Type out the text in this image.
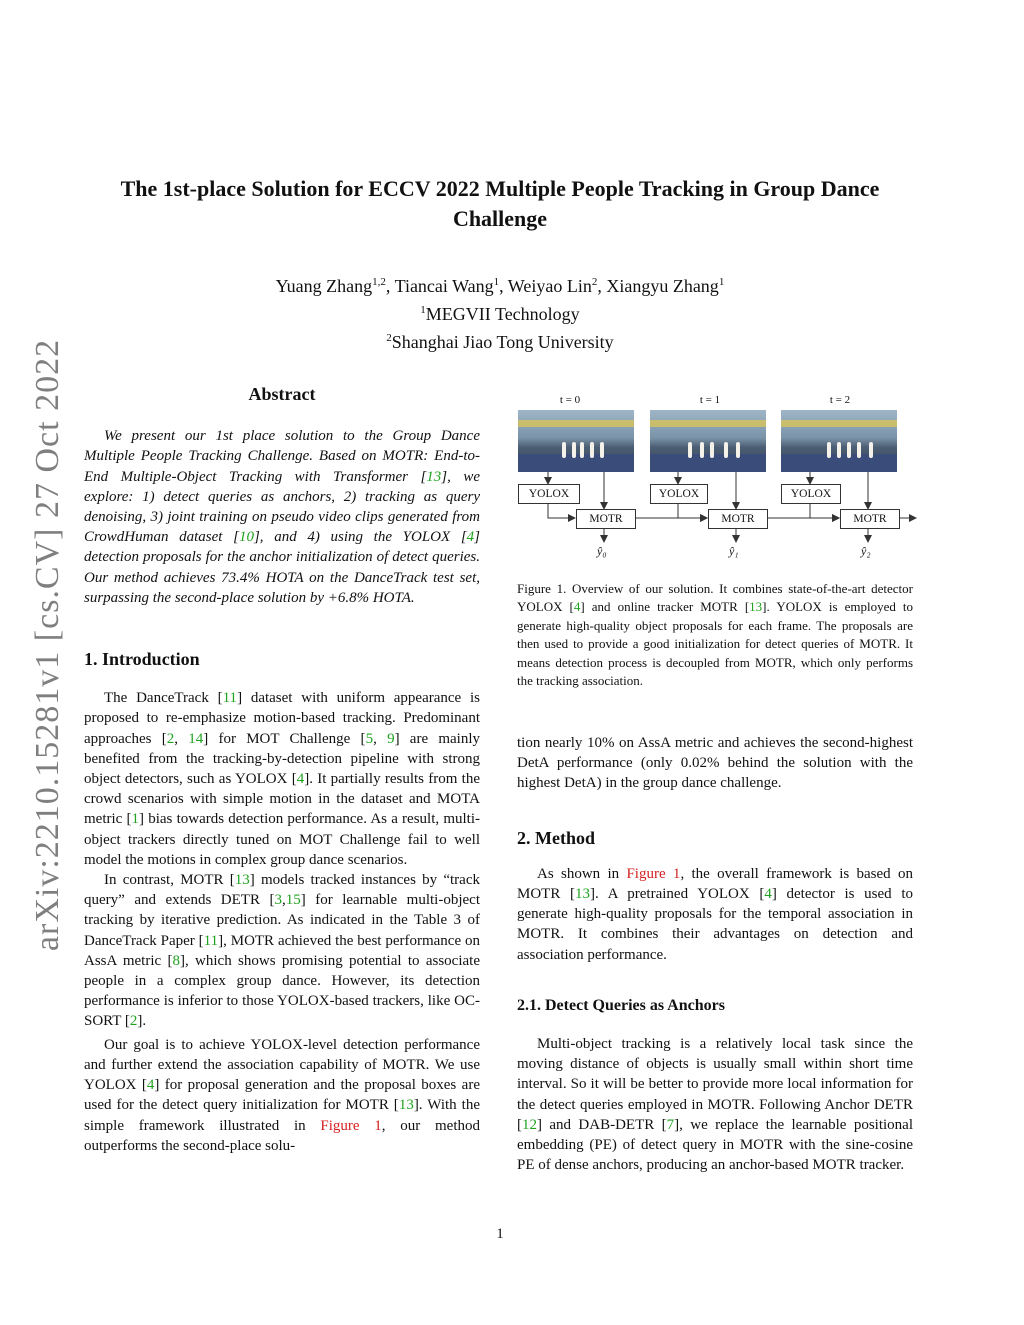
arXiv:2210.15281v1 [cs.CV] 27 Oct 2022
The 1st-place Solution for ECCV 2022 Multiple People Tracking in Group Dance Challenge
Yuang Zhang$^{1,2}$, Tiancai Wang$^1$, Weiyao Lin$^2$, Xiangyu Zhang$^1$
$^1$MEGVII Technology
$^2$Shanghai Jiao Tong University
Abstract

We present our 1st place solution to the Group Dance Multiple People Tracking Challenge. Based on MOTR: End-to-End Multiple-Object Tracking with Transformer [13], we explore: 1) detect queries as anchors, 2) tracking as query denoising, 3) joint training on pseudo video clips generated from CrowdHuman dataset [10], and 4) using the YOLOX [4] detection proposals for the anchor initialization of detect queries. Our method achieves 73.4% HOTA on the DanceTrack test set, surpassing the second-place solution by +6.8% HOTA.

1. Introduction

The DanceTrack [11] dataset with uniform appearance is proposed to re-emphasize motion-based tracking. Predominant approaches [2, 14] for MOT Challenge [5, 9] are mainly benefited from the tracking-by-detection pipeline with strong object detectors, such as YOLOX [4]. It partially results from the crowd scenarios with simple motion in the dataset and MOTA metric [1] bias towards detection performance. As a result, multi-object trackers directly tuned on MOT Challenge fail to well model the motions in complex group dance scenarios.

In contrast, MOTR [13] models tracked instances by “track query” and extends DETR [3,15] for learnable multi-object tracking by iterative prediction. As indicated in the Table 3 of DanceTrack Paper [11], MOTR achieved the best performance on AssA metric [8], which shows promising potential to associate people in a complex group dance. However, its detection performance is inferior to those YOLOX-based trackers, like OC-SORT [2].

Our goal is to achieve YOLOX-level detection performance and further extend the association capability of MOTR. We use YOLOX [4] for proposal generation and the proposal boxes are used for the detect query initialization for MOTR [13]. With the simple framework illustrated in Figure 1, our method outperforms the second-place solu-

t = 0	t = 1	t = 2
YOLOX
MOTR
YOLOX
MOTR
YOLOX
MOTR
ŷ₀	ŷ₁	ŷ₂
Figure 1. Overview of our solution. It combines state-of-the-art detector YOLOX [4] and online tracker MOTR [13]. YOLOX is employed to generate high-quality object proposals for each frame. The proposals are then used to provide a good initialization for detect queries of MOTR. It means detection process is decoupled from MOTR, which only performs the tracking association.

tion nearly 10% on AssA metric and achieves the second-highest DetA performance (only 0.02% behind the solution with the highest DetA) in the group dance challenge.

2. Method

As shown in Figure 1, the overall framework is based on MOTR [13]. A pretrained YOLOX [4] detector is used to generate high-quality proposals for the temporal association in MOTR. It combines their advantages on detection and association performance.

2.1. Detect Queries as Anchors

Multi-object tracking is a relatively local task since the moving distance of objects is usually small within short time interval. So it will be better to provide more local information for the detect queries employed in MOTR. Following Anchor DETR [12] and DAB-DETR [7], we replace the learnable positional embedding (PE) of detect query in MOTR with the sine-cosine PE of dense anchors, producing an anchor-based MOTR tracker.

1
